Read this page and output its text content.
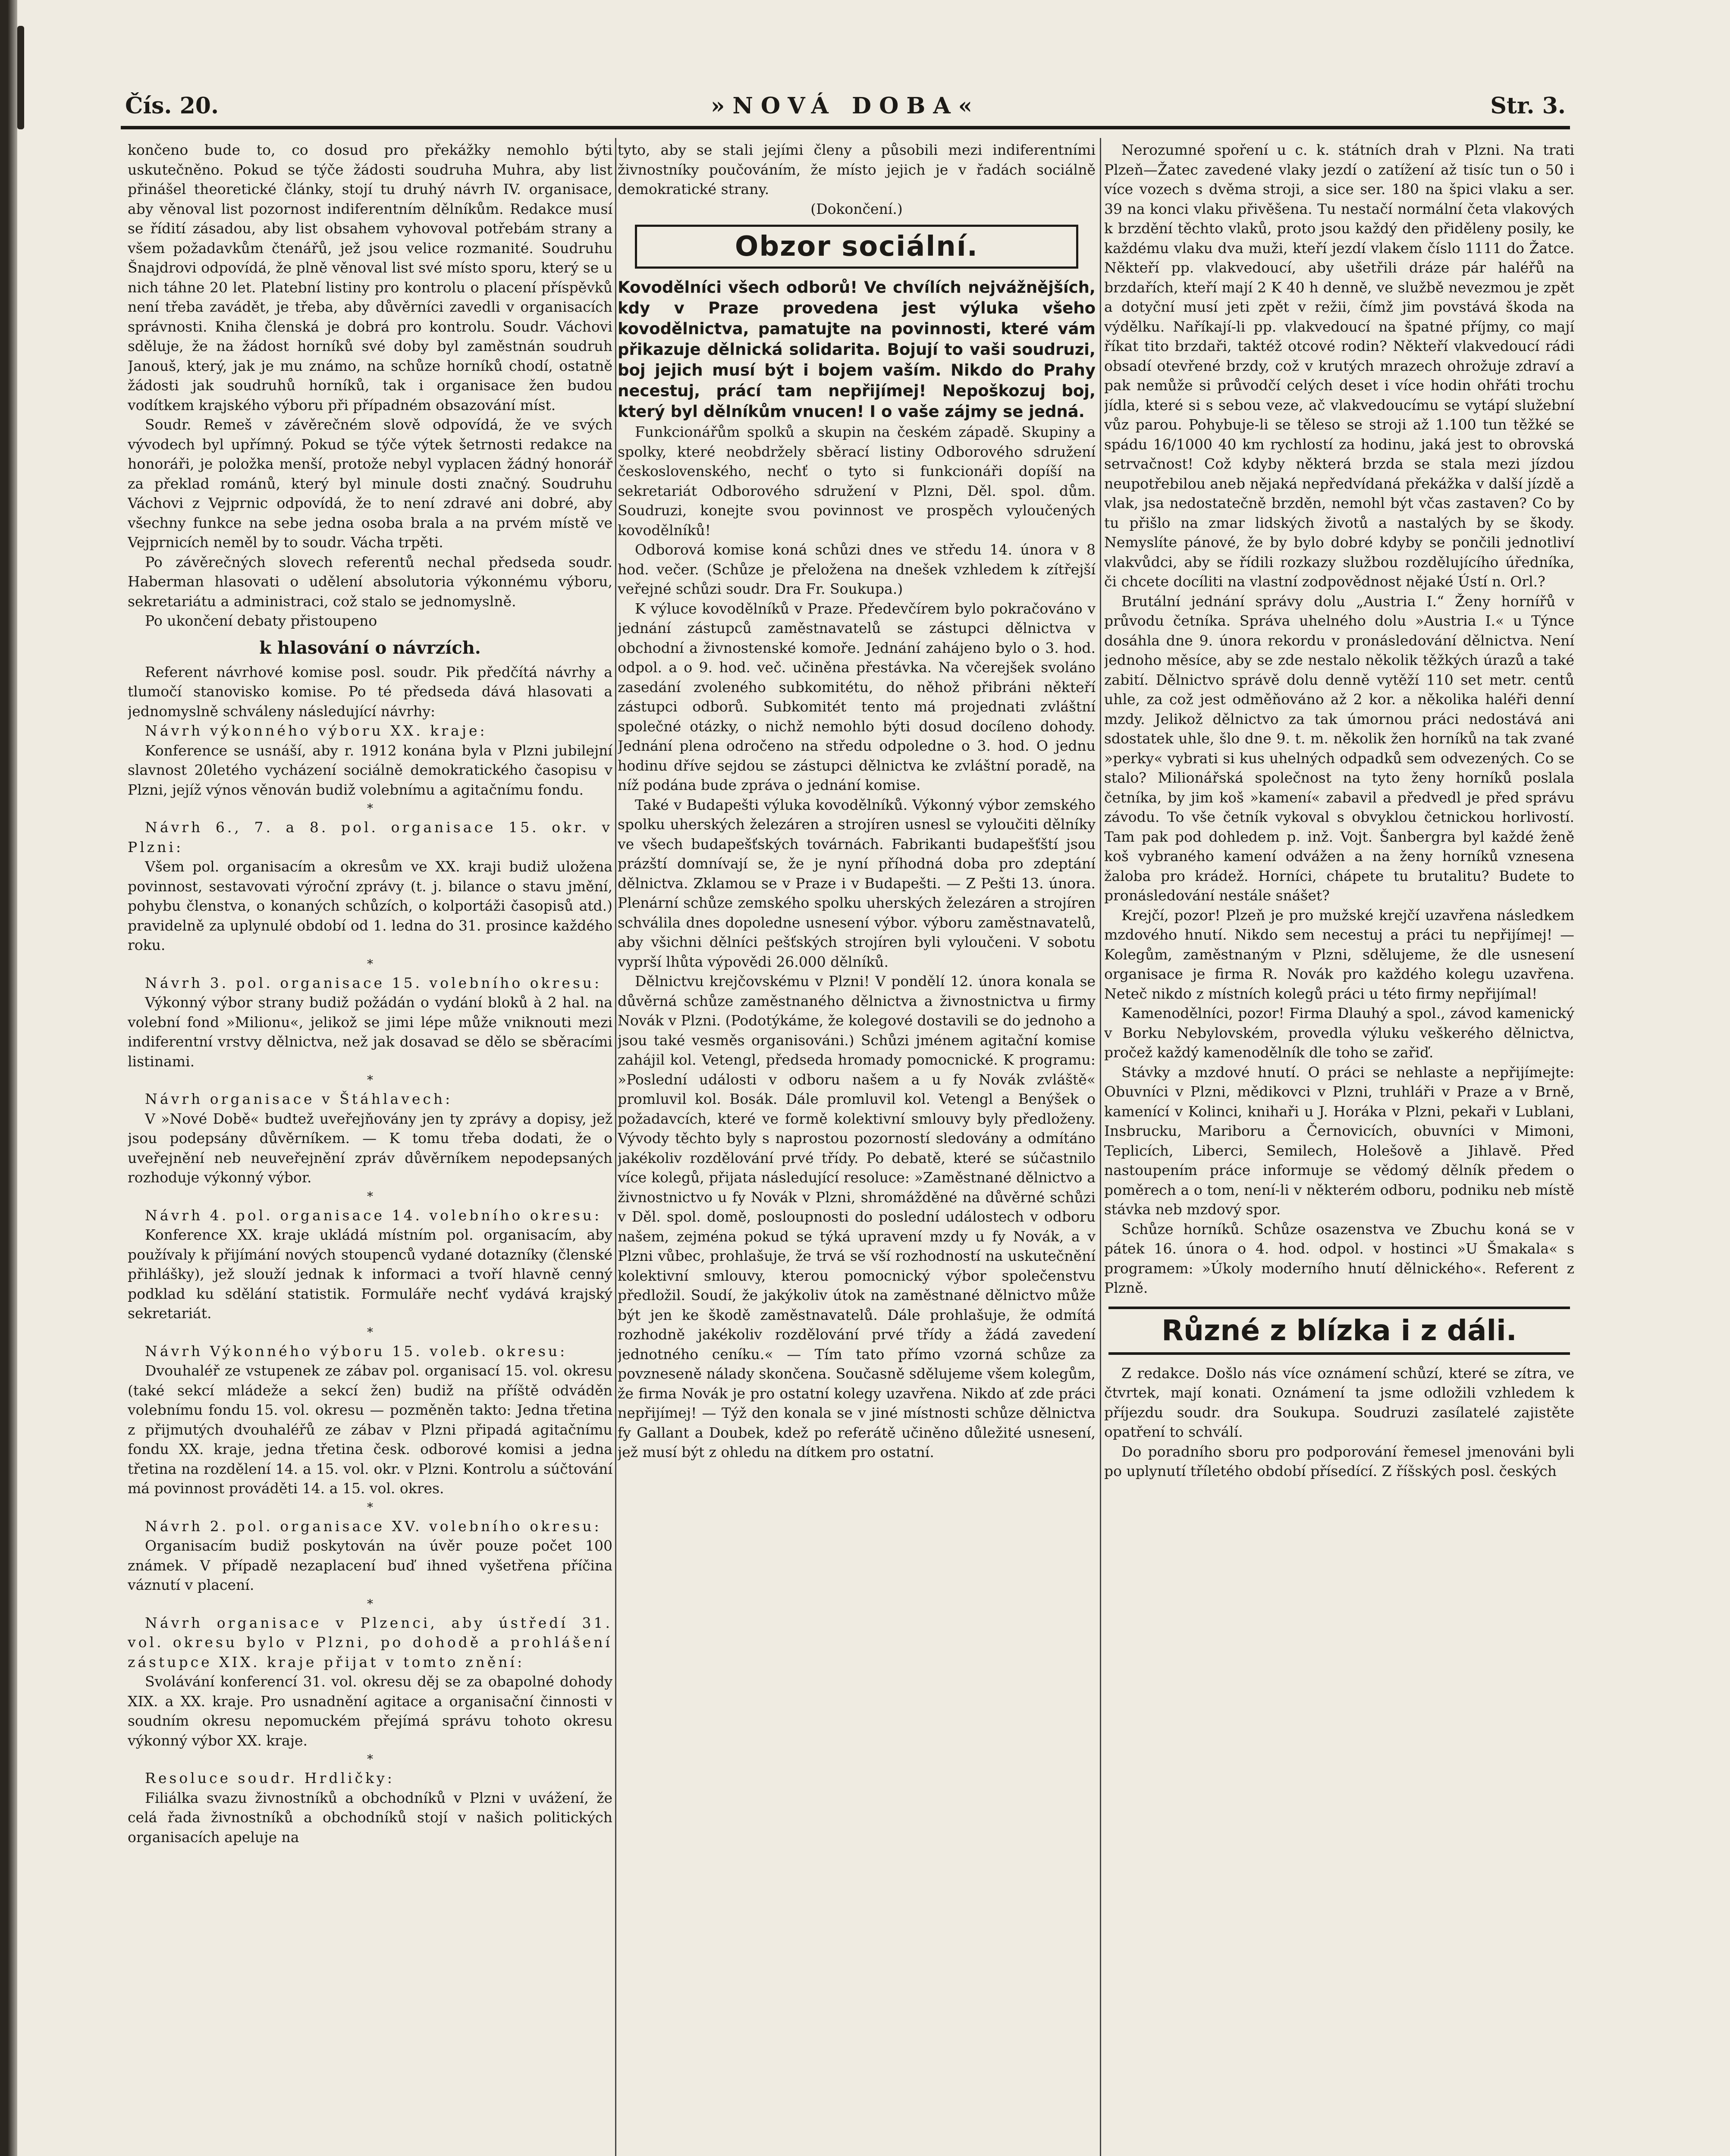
Čís. 20.	»NOVÁ DOBA«	Str. 3.

končeno bude to, co dosud pro překážky nemohlo býti uskutečněno. Pokud se týče žádosti soudruha Muhra, aby list přinášel theoretické články, stojí tu druhý návrh IV. organisace, aby věnoval list pozornost indiferentním dělníkům. Redakce musí se řídití zásadou, aby list obsahem vyhovoval potřebám strany a všem požadavkům čtenářů, jež jsou velice rozmanité. Soudruhu Šnajdrovi odpovídá, že plně věnoval list své místo sporu, který se u nich táhne 20 let. Platební listiny pro kontrolu o placení příspěvků není třeba zavádět, je třeba, aby důvěrníci zavedli v organisacích správnosti. Kniha členská je dobrá pro kontrolu. Soudr. Váchovi sděluje, že na žádost horníků své doby byl zaměstnán soudruh Janouš, který, jak je mu známo, na schůze horníků chodí, ostatně žádosti jak soudruhů horníků, tak i organisace žen budou vodítkem krajského výboru při případném obsazování míst.

Soudr. Remeš v závěrečném slově odpovídá, že ve svých vývodech byl upřímný. Pokud se týče výtek šetrnosti redakce na honoráři, je položka menší, protože nebyl vyplacen žádný honorář za překlad románů, který byl minule dosti značný. Soudruhu Váchovi z Vejprnic odpovídá, že to není zdravé ani dobré, aby všechny funkce na sebe jedna osoba brala a na prvém místě ve Vejprnicích neměl by to soudr. Vácha trpěti.

Po závěrečných slovech referentů nechal předseda soudr. Haberman hlasovati o udělení absolutoria výkonnému výboru, sekretariátu a administraci, což stalo se jednomyslně.

Po ukončení debaty přistoupeno

k hlasování o návrzích.

Referent návrhové komise posl. soudr. Pik předčítá návrhy a tlumočí stanovisko komise. Po té předseda dává hlasovati a jednomyslně schváleny následující návrhy:

Návrh výkonného výboru XX. kraje:

Konference se usnáší, aby r. 1912 konána byla v Plzni jubilejní slavnost 20letého vycházení sociálně demokratického časopisu v Plzni, jejíž výnos věnován budiž volebnímu a agitačnímu fondu.

*

Návrh 6., 7. a 8. pol. organisace 15. okr. v Plzni:

Všem pol. organisacím a okresům ve XX. kraji budiž uložena povinnost, sestavovati výroční zprávy (t. j. bilance o stavu jmění, pohybu členstva, o konaných schůzích, o kolportáži časopisů atd.) pravidelně za uplynulé období od 1. ledna do 31. prosince každého roku.

*

Návrh 3. pol. organisace 15. volebního okresu:

Výkonný výbor strany budiž požádán o vydání bloků à 2 hal. na volební fond »Milionu«, jelikož se jimi lépe může vniknouti mezi indiferentní vrstvy dělnictva, než jak dosavad se dělo se sběracími listinami.

*

Návrh organisace v Štáhlavech:

V »Nové Době« budtež uveřejňovány jen ty zprávy a dopisy, jež jsou podepsány důvěrníkem. — K tomu třeba dodati, že o uveřejnění neb neuveřejnění zpráv důvěrníkem nepodepsaných rozhoduje výkonný výbor.

*

Návrh 4. pol. organisace 14. volebního okresu:

Konference XX. kraje ukládá místním pol. organisacím, aby používaly k přijímání nových stoupenců vydané dotazníky (členské přihlášky), jež slouží jednak k informaci a tvoří hlavně cenný podklad ku sdělání statistik. Formuláře nechť vydává krajský sekretariát.

*

Návrh Výkonného výboru 15. voleb. okresu:

Dvouhaléř ze vstupenek ze zábav pol. organisací 15. vol. okresu (také sekcí mládeže a sekcí žen) budiž na příště odváděn volebnímu fondu 15. vol. okresu — pozměněn takto: Jedna třetina z přijmutých dvouhaléřů ze zábav v Plzni připadá agitačnímu fondu XX. kraje, jedna třetina česk. odborové komisi a jedna třetina na rozdělení 14. a 15. vol. okr. v Plzni. Kontrolu a súčtování má povinnost prováděti 14. a 15. vol. okres.

*

Návrh 2. pol. organisace XV. volebního okresu:

Organisacím budiž poskytován na úvěr pouze počet 100 známek. V případě nezaplacení buď ihned vyšetřena příčina váznutí v placení.

*

Návrh organisace v Plzenci, aby ústředí 31. vol. okresu bylo v Plzni, po dohodě a prohlášení zástupce XIX. kraje přijat v tomto znění:

Svolávání konferencí 31. vol. okresu děj se za obapolné dohody XIX. a XX. kraje. Pro usnadnění agitace a organisační činnosti v soudním okresu nepomuckém přejímá správu tohoto okresu výkonný výbor XX. kraje.

*

Resoluce soudr. Hrdličky:

Filiálka svazu živnostníků a obchodníků v Plzni v uvážení, že celá řada živnostníků a obchodníků stojí v našich politických organisacích apeluje na

tyto, aby se stali jejími členy a působili mezi indiferentními živnostníky poučováním, že místo jejich je v řadách sociálně demokratické strany.

(Dokončení.)

Obzor sociální.

Kovodělníci všech odborů! Ve chvílích nejvážnějších, kdy v Praze provedena jest výluka všeho kovodělnictva, pamatujte na povinnosti, které vám přikazuje dělnická solidarita. Bojují to vaši soudruzi, boj jejich musí být i bojem vaším. Nikdo do Prahy necestuj, prácí tam nepřijímej! Nepoškozuj boj, který byl dělníkům vnucen! I o vaše zájmy se jedná.

Funkcionářům spolků a skupin na českém západě. Skupiny a spolky, které neobdržely sběrací listiny Odborového sdružení československého, nechť o tyto si funkcionáři dopíší na sekretariát Odborového sdružení v Plzni, Děl. spol. dům. Soudruzi, konejte svou povinnost ve prospěch vyloučených kovodělníků!

Odborová komise koná schůzi dnes ve středu 14. února v 8 hod. večer. (Schůze je přeložena na dnešek vzhledem k zítřejší veřejné schůzi soudr. Dra Fr. Soukupa.)

K výluce kovodělníků v Praze. Předevčírem bylo pokračováno v jednání zástupců zaměstnavatelů se zástupci dělnictva v obchodní a živnostenské komoře. Jednání zahájeno bylo o 3. hod. odpol. a o 9. hod. več. učiněna přestávka. Na včerejšek svoláno zasedání zvoleného subkomitétu, do něhož přibráni někteří zástupci odborů. Subkomitét tento má projednati zvláštní společné otázky, o nichž nemohlo býti dosud docíleno dohody. Jednání plena odročeno na středu odpoledne o 3. hod. O jednu hodinu dříve sejdou se zástupci dělnictva ke zvláštní poradě, na níž podána bude zpráva o jednání komise.

Také v Budapešti výluka kovodělníků. Výkonný výbor zemského spolku uherských železáren a strojíren usnesl se vyloučiti dělníky ve všech budapešťských továrnách. Fabrikanti budapešťští jsou prázští domnívají se, že je nyní příhodná doba pro zdeptání dělnictva. Zklamou se v Praze i v Budapešti. — Z Pešti 13. února. Plenární schůze zemského spolku uherských železáren a strojíren schválila dnes dopoledne usnesení výbor. výboru zaměstnavatelů, aby všichni dělníci pešťských strojíren byli vyloučeni. V sobotu vyprší lhůta výpovědi 26.000 dělníků.

Dělnictvu krejčovskému v Plzni! V pondělí 12. února konala se důvěrná schůze zaměstnaného dělnictva a živnostnictva u firmy Novák v Plzni. (Podotýkáme, že kolegové dostavili se do jednoho a jsou také vesměs organisováni.) Schůzi jménem agitační komise zahájil kol. Vetengl, předseda hromady pomocnické. K programu: »Poslední události v odboru našem a u fy Novák zvláště« promluvil kol. Bosák. Dále promluvil kol. Vetengl a Benýšek o požadavcích, které ve formě kolektivní smlouvy byly předloženy. Vývody těchto byly s naprostou pozorností sledovány a odmítáno jakékoliv rozdělování prvé třídy. Po debatě, které se súčastnilo více kolegů, přijata následující resoluce: »Zaměstnané dělnictvo a živnostnictvo u fy Novák v Plzni, shromážděné na důvěrné schůzi v Děl. spol. domě, posloupnosti do poslední událostech v odboru našem, zejména pokud se týká upravení mzdy u fy Novák, a v Plzni vůbec, prohlašuje, že trvá se vší rozhodností na uskutečnění kolektivní smlouvy, kterou pomocnický výbor společenstvu předložil. Soudí, že jakýkoliv útok na zaměstnané dělnictvo může být jen ke škodě zaměstnavatelů. Dále prohlašuje, že odmítá rozhodně jakékoliv rozdělování prvé třídy a žádá zavedení jednotného ceníku.« — Tím tato přímo vzorná schůze za povzneseně nálady skončena. Současně sdělujeme všem kolegům, že firma Novák je pro ostatní kolegy uzavřena. Nikdo ať zde práci nepřijímej! — Týž den konala se v jiné místnosti schůze dělnictva fy Gallant a Doubek, kdež po referátě učiněno důležité usnesení, jež musí být z ohledu na dítkem pro ostatní.

Nerozumné spoření u c. k. státních drah v Plzni. Na trati Plzeň—Žatec zavedené vlaky jezdí o zatížení až tisíc tun o 50 i více vozech s dvěma stroji, a sice ser. 180 na špici vlaku a ser. 39 na konci vlaku přivěšena. Tu nestačí normální četa vlakových k brzdění těchto vlaků, proto jsou každý den přiděleny posily, ke každému vlaku dva muži, kteří jezdí vlakem číslo 1111 do Žatce. Někteří pp. vlakvedoucí, aby ušetřili dráze pár haléřů na brzdařích, kteří mají 2 K 40 h denně, ve službě nevezmou je zpět a dotyční musí jeti zpět v režii, čímž jim povstává škoda na výdělku. Naříkají-li pp. vlakvedoucí na špatné příjmy, co mají říkat tito brzdaři, taktéž otcové rodin? Někteří vlakvedoucí rádi obsadí otevřené brzdy, což v krutých mrazech ohrožuje zdraví a pak nemůže si průvodčí celých deset i více hodin ohřáti trochu jídla, které si s sebou veze, ač vlakvedoucímu se vytápí služební vůz parou. Pohybuje-li se těleso se stroji až 1.100 tun těžké se spádu 16/1000 40 km rychlostí za hodinu, jaká jest to obrovská setrvačnost! Což kdyby některá brzda se stala mezi jízdou neupotřebilou aneb nějaká nepředvídaná překážka v další jízdě a vlak, jsa nedostatečně brzděn, nemohl být včas zastaven? Co by tu přišlo na zmar lidských životů a nastalých by se škody. Nemyslíte pánové, že by bylo dobré kdyby se pončili jednotliví vlakvůdci, aby se řídili rozkazy službou rozdělujícího úředníka, či chcete docíliti na vlastní zodpovědnost nějaké Ústí n. Orl.?

Brutální jednání správy dolu „Austria I.“ Ženy hornířů v průvodu četníka. Správa uhelného dolu »Austria I.« u Týnce dosáhla dne 9. února rekordu v pronásledování dělnictva. Není jednoho měsíce, aby se zde nestalo několik těžkých úrazů a také zabití. Dělnictvo správě dolu denně vytěží 110 set metr. centů uhle, za což jest odměňováno až 2 kor. a několika haléři denní mzdy. Jelikož dělnictvo za tak úmornou práci nedostává ani sdostatek uhle, šlo dne 9. t. m. několik žen horníků na tak zvané »perky« vybrati si kus uhelných odpadků sem odvezených. Co se stalo? Milionářská společnost na tyto ženy horníků poslala četníka, by jim koš »kamení« zabavil a předvedl je před správu závodu. To vše četník vykoval s obvyklou četnickou horlivostí. Tam pak pod dohledem p. inž. Vojt. Šanbergra byl každé ženě koš vybraného kamení odvážen a na ženy horníků vznesena žaloba pro krádež. Horníci, chápete tu brutalitu? Budete to pronásledování nestále snášet?

Krejčí, pozor! Plzeň je pro mužské krejčí uzavřena následkem mzdového hnutí. Nikdo sem necestuj a práci tu nepřijímej! — Kolegům, zaměstnaným v Plzni, sdělujeme, že dle usnesení organisace je firma R. Novák pro každého kolegu uzavřena. Neteč nikdo z místních kolegů práci u této firmy nepřijímal!

Kamenodělníci, pozor! Firma Dlauhý a spol., závod kamenický v Borku Nebylovském, provedla výluku veškerého dělnictva, pročež každý kamenodělník dle toho se zařiď.

Stávky a mzdové hnutí. O práci se nehlaste a nepřijímejte: Obuvníci v Plzni, mědikovci v Plzni, truhláři v Praze a v Brně, kamenící v Kolinci, knihaři u J. Horáka v Plzni, pekaři v Lublani, Insbrucku, Mariboru a Černovicích, obuvníci v Mimoni, Teplicích, Liberci, Semilech, Holešově a Jihlavě. Před nastoupením práce informuje se vědomý dělník předem o poměrech a o tom, není-li v některém odboru, podniku neb místě stávka neb mzdový spor.

Schůze horníků. Schůze osazenstva ve Zbuchu koná se v pátek 16. února o 4. hod. odpol. v hostinci »U Šmakala« s programem: »Úkoly moderního hnutí dělnického«. Referent z Plzně.

Různé z blízka i z dáli.

Z redakce. Došlo nás více oznámení schůzí, které se zítra, ve čtvrtek, mají konati. Oznámení ta jsme odložili vzhledem k příjezdu soudr. dra Soukupa. Soudruzi zasílatelé zajistěte opatření to schválí.

Do poradního sboru pro podporování řemesel jmenováni byli po uplynutí tříletého období přísedící. Z říšských posl. českých
